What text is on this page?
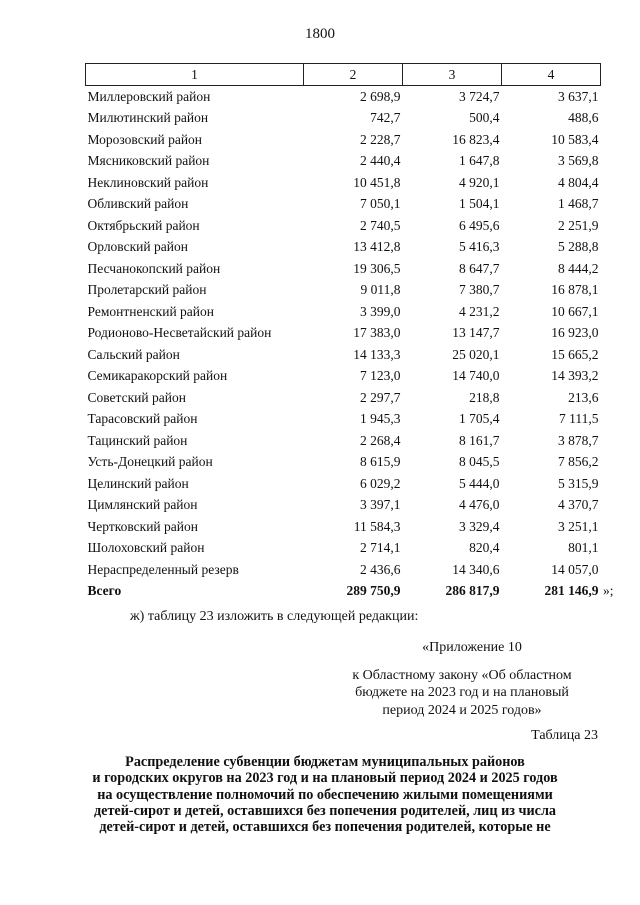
1800
1	2	3	4
Миллеровский район	2 698,9	3 724,7	3 637,1
Милютинский район	742,7	500,4	488,6
Морозовский район	2 228,7	16 823,4	10 583,4
Мясниковский район	2 440,4	1 647,8	3 569,8
Неклиновский район	10 451,8	4 920,1	4 804,4
Обливский район	7 050,1	1 504,1	1 468,7
Октябрьский район	2 740,5	6 495,6	2 251,9
Орловский район	13 412,8	5 416,3	5 288,8
Песчанокопский район	19 306,5	8 647,7	8 444,2
Пролетарский район	9 011,8	7 380,7	16 878,1
Ремонтненский район	3 399,0	4 231,2	10 667,1
Родионово-Несветайский район	17 383,0	13 147,7	16 923,0
Сальский район	14 133,3	25 020,1	15 665,2
Семикаракорский район	7 123,0	14 740,0	14 393,2
Советский район	2 297,7	218,8	213,6
Тарасовский район	1 945,3	1 705,4	7 111,5
Тацинский район	2 268,4	8 161,7	3 878,7
Усть-Донецкий район	8 615,9	8 045,5	7 856,2
Целинский район	6 029,2	5 444,0	5 315,9
Цимлянский район	3 397,1	4 476,0	4 370,7
Чертковский район	11 584,3	3 329,4	3 251,1
Шолоховский район	2 714,1	820,4	801,1
Нераспределенный резерв	2 436,6	14 340,6	14 057,0
Всего	289 750,9	286 817,9	281 146,9 »;
ж) таблицу 23 изложить в следующей редакции:
«Приложение 10
к Областному закону «Об областном
бюджете на 2023 год и на плановый
период 2024 и 2025 годов»
Таблица 23
Распределение субвенции бюджетам муниципальных районов
и городских округов на 2023 год и на плановый период 2024 и 2025 годов
на осуществление полномочий по обеспечению жилыми помещениями
детей-сирот и детей, оставшихся без попечения родителей, лиц из числа
детей-сирот и детей, оставшихся без попечения родителей, которые не
